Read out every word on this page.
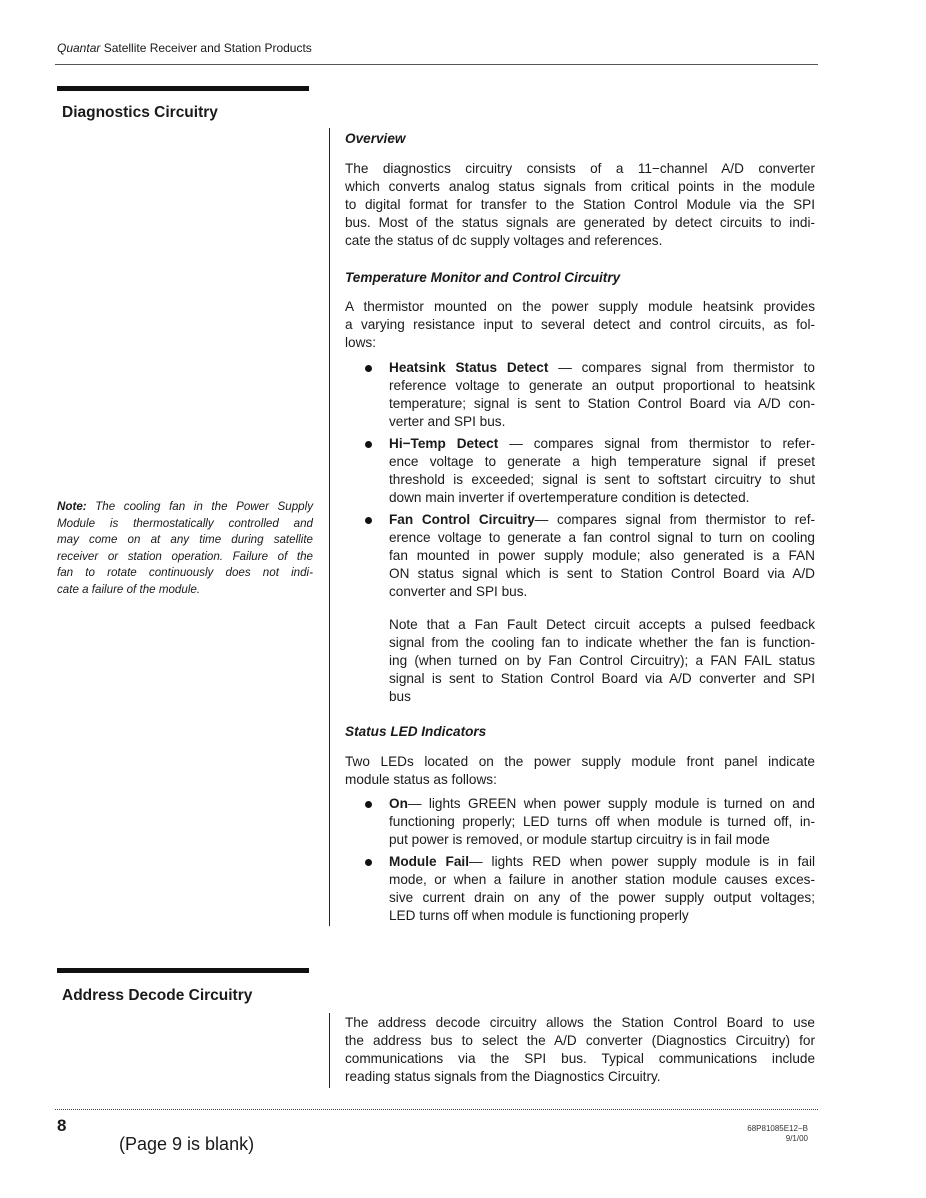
Quantar Satellite Receiver and Station Products
Diagnostics Circuitry
Overview
The diagnostics circuitry consists of a 11−channel A/D converter
which converts analog status signals from critical points in the module
to digital format for transfer to the Station Control Module via the SPI
bus. Most of the status signals are generated by detect circuits to indi-
cate the status of dc supply voltages and references.
Temperature Monitor and Control Circuitry
A thermistor mounted on the power supply module heatsink provides
a varying resistance input to several detect and control circuits, as fol-
lows:
Heatsink Status Detect — compares signal from thermistor to
reference voltage to generate an output proportional to heatsink
temperature; signal is sent to Station Control Board via A/D con-
verter and SPI bus.
Hi−Temp Detect — compares signal from thermistor to refer-
ence voltage to generate a high temperature signal if preset
threshold is exceeded; signal is sent to softstart circuitry to shut
down main inverter if overtemperature condition is detected.
Fan Control Circuitry— compares signal from thermistor to ref-
erence voltage to generate a fan control signal to turn on cooling
fan mounted in power supply module; also generated is a FAN
ON status signal which is sent to Station Control Board via A/D
converter and SPI bus.
Note that a Fan Fault Detect circuit accepts a pulsed feedback
signal from the cooling fan to indicate whether the fan is function-
ing (when turned on by Fan Control Circuitry); a FAN FAIL status
signal is sent to Station Control Board via A/D converter and SPI
bus
Status LED Indicators
Two LEDs located on the power supply module front panel indicate
module status as follows:
On— lights GREEN when power supply module is turned on and
functioning properly; LED turns off when module is turned off, in-
put power is removed, or module startup circuitry is in fail mode
Module Fail— lights RED when power supply module is in fail
mode, or when a failure in another station module causes exces-
sive current drain on any of the power supply output voltages;
LED turns off when module is functioning properly
Note: The cooling fan in the Power Supply
Module is thermostatically controlled and
may come on at any time during satellite
receiver or station operation. Failure of the
fan to rotate continuously does not indi-
cate a failure of the module.
Address Decode Circuitry
The address decode circuitry allows the Station Control Board to use
the address bus to select the A/D converter (Diagnostics Circuitry) for
communications via the SPI bus. Typical communications include
reading status signals from the Diagnostics Circuitry.
8
(Page 9 is blank)
68P81085E12−B
9/1/00
